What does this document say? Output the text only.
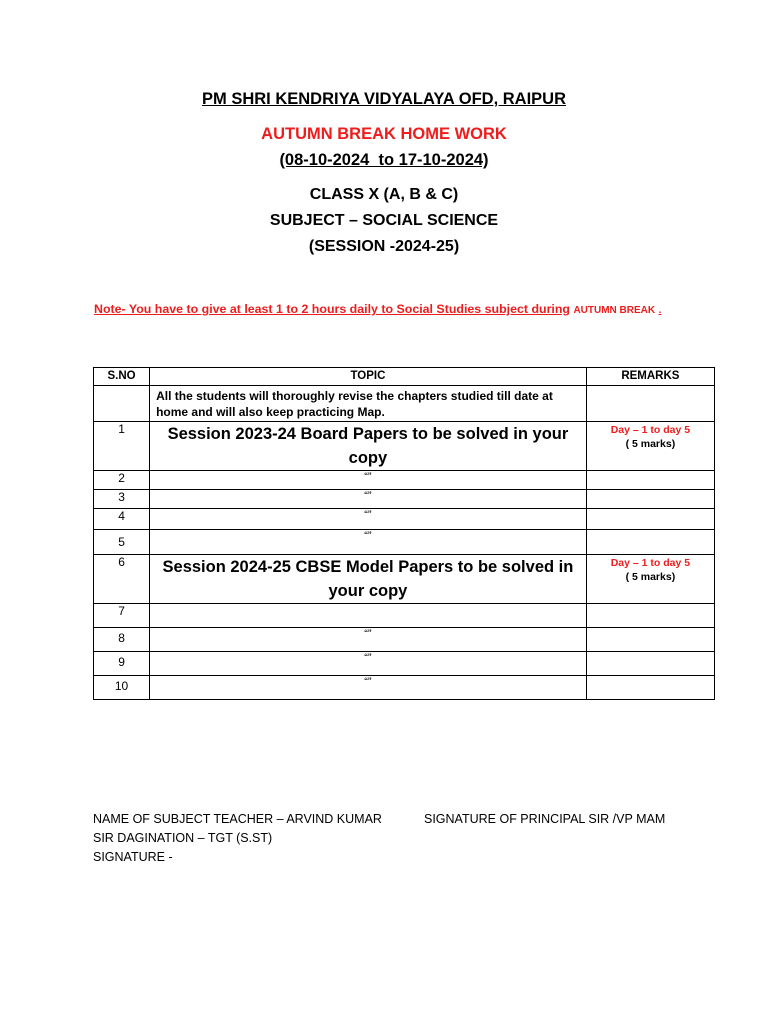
PM SHRI KENDRIYA VIDYALAYA OFD, RAIPUR
AUTUMN BREAK HOME WORK
(08-10-2024  to 17-10-2024)
CLASS X (A, B & C)
SUBJECT – SOCIAL SCIENCE
(SESSION -2024-25)
Note- You have to give at least 1 to 2 hours daily to Social Studies subject during AUTUMN BREAK .
S.NO	TOPIC	REMARKS

	All the students will thoroughly revise the chapters studied till date at home and will also keep practicing Map.	

1	Session 2023-24 Board Papers to be solved in your copy	Day – 1 to day 5
( 5 marks)

2	“”	

3	“”	

4	“”	

5	“”	

6	Session 2024-25 CBSE Model Papers to be solved in your copy	Day – 1 to day 5
( 5 marks)

7	

8	“”	

9	“”	

10	“”	

NAME OF SUBJECT TEACHER – ARVIND KUMAR
SIR DAGINATION – TGT (S.ST)
SIGNATURE -
SIGNATURE OF PRINCIPAL SIR /VP MAM
